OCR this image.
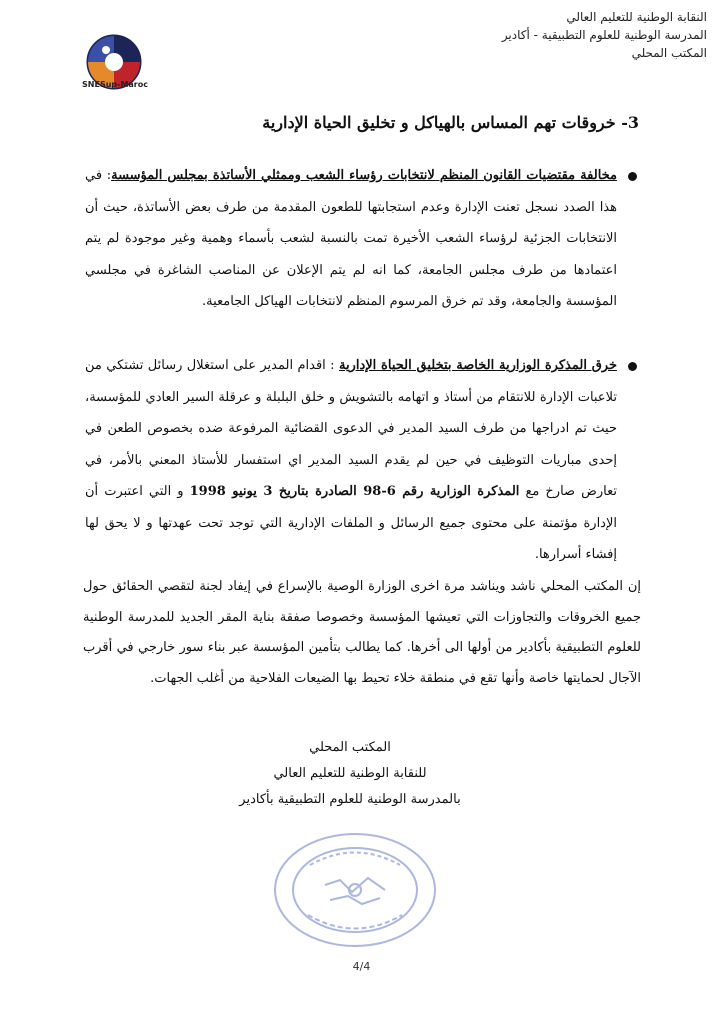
SNESup-Maroc
النقابة الوطنية للتعليم العالي
المدرسة الوطنية للعلوم التطبيقية - أكادير
المكتب المحلي
3- خروقات تهم المساس بالهياكل و تخليق الحياة الإدارية
مخالفة مقتضيات القانون المنظم لانتخابات رؤساء الشعب وممثلي الأساتذة بمجلس المؤسسة: في هذا الصدد نسجل تعنت الإدارة وعدم استجابتها للطعون المقدمة من طرف بعض الأساتذة، حيث أن الانتخابات الجزئية لرؤساء الشعب الأخيرة تمت بالنسبة لشعب بأسماء وهمية وغير موجودة لم يتم اعتمادها من طرف مجلس الجامعة، كما انه لم يتم الإعلان عن المناصب الشاغرة في مجلسي المؤسسة والجامعة، وقد تم خرق المرسوم المنظم لانتخابات الهياكل الجامعية.
خرق المذكرة الوزارية الخاصة بتخليق الحياة الإدارية : اقدام المدير على استغلال رسائل تشتكي من تلاعبات الإدارة للانتقام من أستاذ و اتهامه بالتشويش و خلق البلبلة و عرقلة السير العادي للمؤسسة، حيث تم ادراجها من طرف السيد المدير في الدعوى القضائية المرفوعة ضده بخصوص الطعن في إحدى مباريات التوظيف في حين لم يقدم السيد المدير اي استفسار للأستاذ المعني بالأمر، في تعارض صارخ مع المذكرة الوزارية رقم 6-98 الصادرة بتاريخ 3 يونيو 1998 و التي اعتبرت أن الإدارة مؤتمنة على محتوى جميع الرسائل و الملفات الإدارية التي توجد تحت عهدتها و لا يحق لها إفشاء أسرارها.
إن المكتب المحلي ناشد ويناشد مرة اخرى الوزارة الوصية بالإسراع في إيفاد لجنة لتقصي الحقائق حول جميع الخروقات والتجاوزات التي تعيشها المؤسسة وخصوصا صفقة بناية المقر الجديد للمدرسة الوطنية للعلوم التطبيقية بأكادير من أولها الى أخرها. كما يطالب بتأمين المؤسسة عبر بناء سور خارجي في أقرب الآجال لحمايتها خاصة وأنها تقع في منطقة خلاء تحيط بها الضيعات الفلاحية من أغلب الجهات.
المكتب المحلي
للنقابة الوطنية للتعليم العالي
بالمدرسة الوطنية للعلوم التطبيقية بأكادير
4/4
